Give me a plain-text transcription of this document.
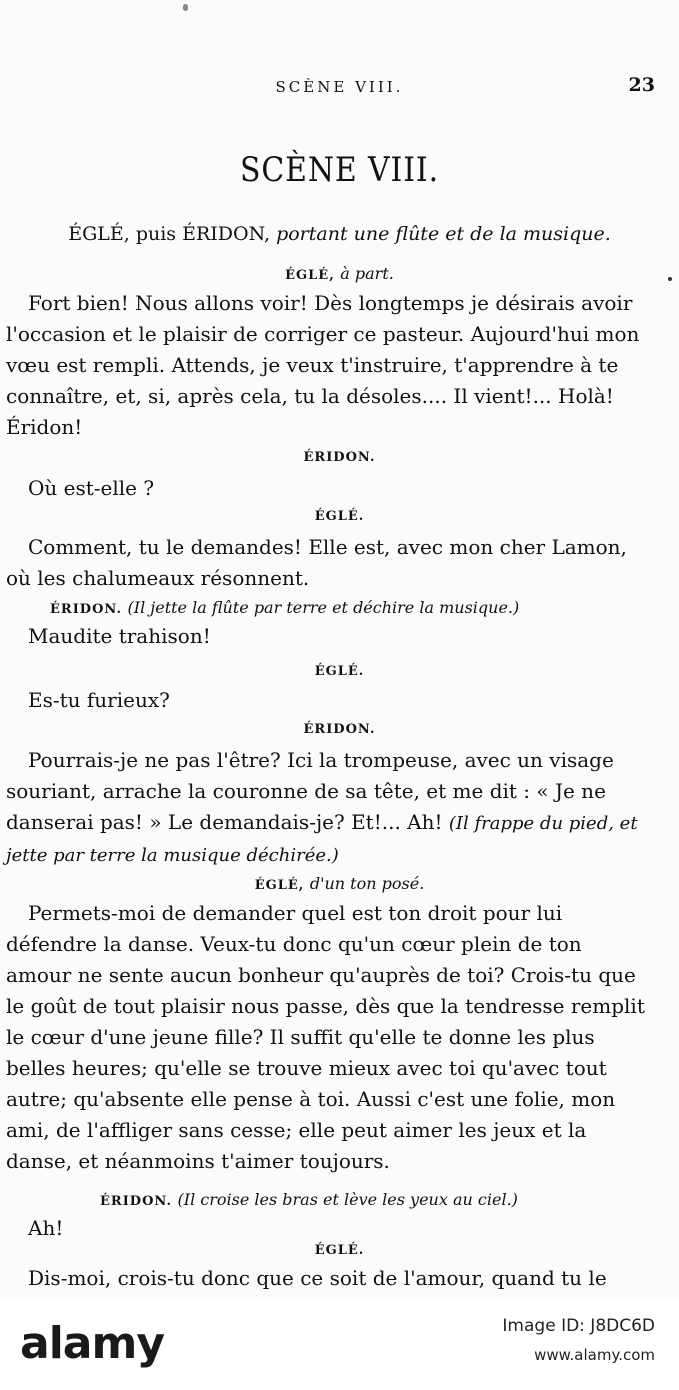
SCÈNE VIII.	23
SCÈNE VIII.
ÉGLÉ, puis ÉRIDON, portant une flûte et de la musique.
ÉGLÉ, à part.
Fort bien! Nous allons voir! Dès longtemps je désirais avoir l'occasion et le plaisir de corriger ce pasteur. Aujourd'hui mon vœu est rempli. Attends, je veux t'instruire, t'apprendre à te connaître, et, si, après cela, tu la désoles.... Il vient!... Holà! Éridon!
ÉRIDON.
Où est-elle ?
ÉGLÉ.
Comment, tu le demandes! Elle est, avec mon cher Lamon, où les chalumeaux résonnent.
ÉRIDON. (Il jette la flûte par terre et déchire la musique.)
Maudite trahison!
ÉGLÉ.
Es-tu furieux?
ÉRIDON.
Pourrais-je ne pas l'être? Ici la trompeuse, avec un visage souriant, arrache la couronne de sa tête, et me dit : « Je ne danserai pas! » Le demandais-je? Et!... Ah! (Il frappe du pied, et jette par terre la musique déchirée.)
ÉGLÉ, d'un ton posé.
Permets-moi de demander quel est ton droit pour lui défendre la danse. Veux-tu donc qu'un cœur plein de ton amour ne sente aucun bonheur qu'auprès de toi? Crois-tu que le goût de tout plaisir nous passe, dès que la tendresse remplit le cœur d'une jeune fille? Il suffit qu'elle te donne les plus belles heures; qu'elle se trouve mieux avec toi qu'avec tout autre; qu'absente elle pense à toi. Aussi c'est une folie, mon ami, de l'affliger sans cesse; elle peut aimer les jeux et la danse, et néanmoins t'aimer toujours.
ÉRIDON. (Il croise les bras et lève les yeux au ciel.)
Ah!
ÉGLÉ.
Dis-moi, crois-tu donc que ce soit de l'amour, quand tu le
alamy	Image ID: J8DC6D
www.alamy.com
